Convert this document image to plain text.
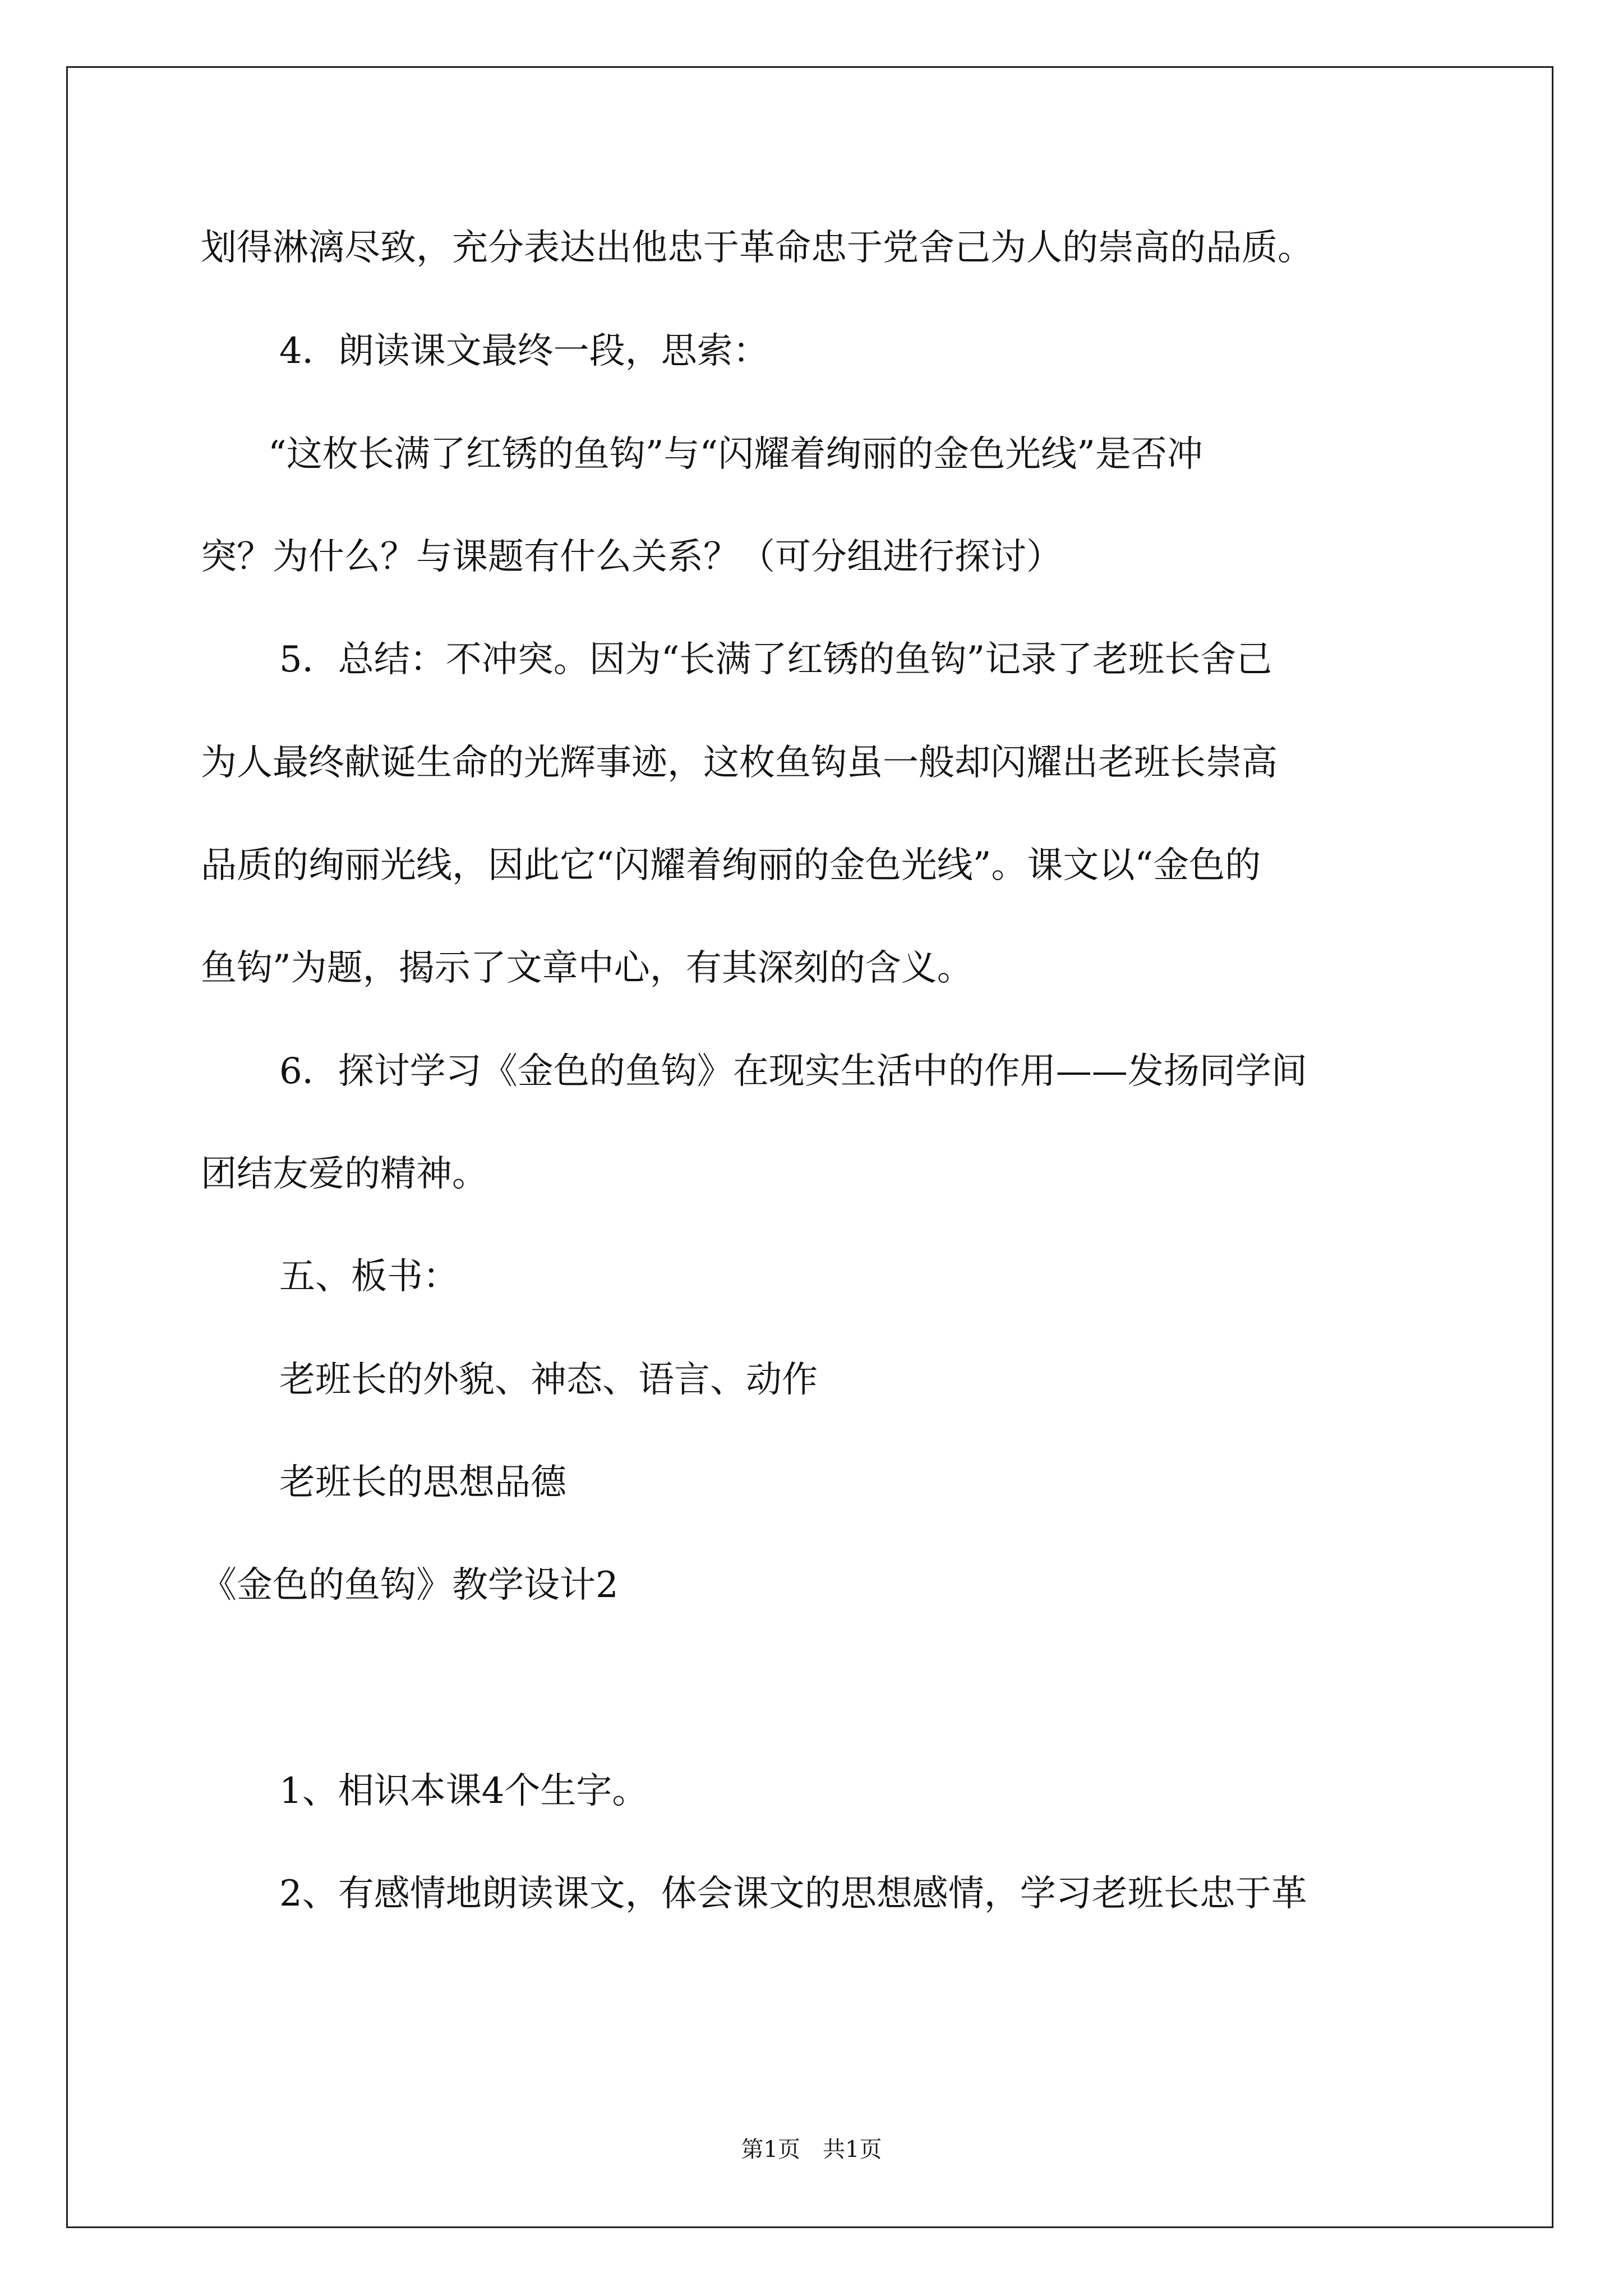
划得淋漓尽致，充分表达出他忠于革命忠于党舍己为人的崇高的品质。
4．朗读课文最终一段，思索：
“这枚长满了红锈的鱼钩”与“闪耀着绚丽的金色光线”是否冲
突？为什么？与课题有什么关系？（可分组进行探讨）
5．总结：不冲突。因为“长满了红锈的鱼钩”记录了老班长舍己
为人最终献诞生命的光辉事迹，这枚鱼钩虽一般却闪耀出老班长崇高
品质的绚丽光线，因此它“闪耀着绚丽的金色光线”。课文以“金色的
鱼钩”为题，揭示了文章中心，有其深刻的含义。
6．探讨学习《金色的鱼钩》在现实生活中的作用——发扬同学间
团结友爱的精神。
五、板书：
老班长的外貌、神态、语言、动作
老班长的思想品德
《金色的鱼钩》教学设计2
1、相识本课4个生字。
2、有感情地朗读课文，体会课文的思想感情，学习老班长忠于革
第1页　共1页
